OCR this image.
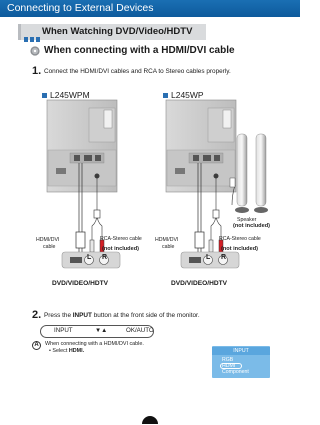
Connecting to External Devices
When Watching DVD/Video/HDTV
When connecting with a HDMI/DVI cable
1. Connect the HDMI/DVI cables and RCA to Stereo cables properly.
L245WPM	L245WP
HDMI/DVI
cable
RCA-Stereo cable
(not included)
L R
DVD/VIDEO/HDTV
Speaker
(not included)
HDMI/DVI
cable
RCA-Stereo cable
(not included)
L R
DVD/VIDEO/HDTV
2. Press the INPUT button at the front side of the monitor.
INPUT	▼▲	OK/AUTO
A	When connecting with a HDMI/DVI cable.
• Select HDMI.	INPUT
RGB
HDMI
Component
